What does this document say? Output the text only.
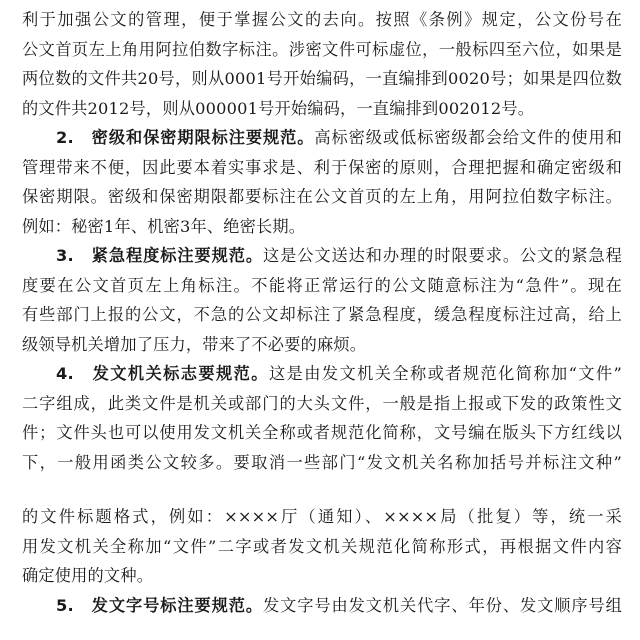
利于加强公文的管理，便于掌握公文的去向。按照《条例》规定，公文份号在
公文首页左上角用阿拉伯数字标注。涉密文件可标虚位，一般标四至六位，如果是
两位数的文件共20号，则从0001号开始编码，一直编排到0020号；如果是四位数
的文件共2012号，则从000001号开始编码，一直编排到002012号。
2.　密级和保密期限标注要规范。高标密级或低标密级都会给文件的使用和
管理带来不便，因此要本着实事求是、利于保密的原则，合理把握和确定密级和
保密期限。密级和保密期限都要标注在公文首页的左上角，用阿拉伯数字标注。
例如：秘密1年、机密3年、绝密长期。
3.　紧急程度标注要规范。这是公文送达和办理的时限要求。公文的紧急程
度要在公文首页左上角标注。不能将正常运行的公文随意标注为“急件”。现在
有些部门上报的公文，不急的公文却标注了紧急程度，缓急程度标注过高，给上
级领导机关增加了压力，带来了不必要的麻烦。
4.　发文机关标志要规范。这是由发文机关全称或者规范化简称加“文件”
二字组成，此类文件是机关或部门的大头文件，一般是指上报或下发的政策性文
件；文件头也可以使用发文机关全称或者规范化简称，文号编在版头下方红线以
下，一般用函类公文较多。要取消一些部门“发文机关名称加括号并标注文种”
的文件标题格式，例如：××××厅（通知）、××××局（批复）等，统一采
用发文机关全称加“文件”二字或者发文机关规范化简称形式，再根据文件内容
确定使用的文种。
5.　发文字号标注要规范。发文字号由发文机关代字、年份、发文顺序号组
